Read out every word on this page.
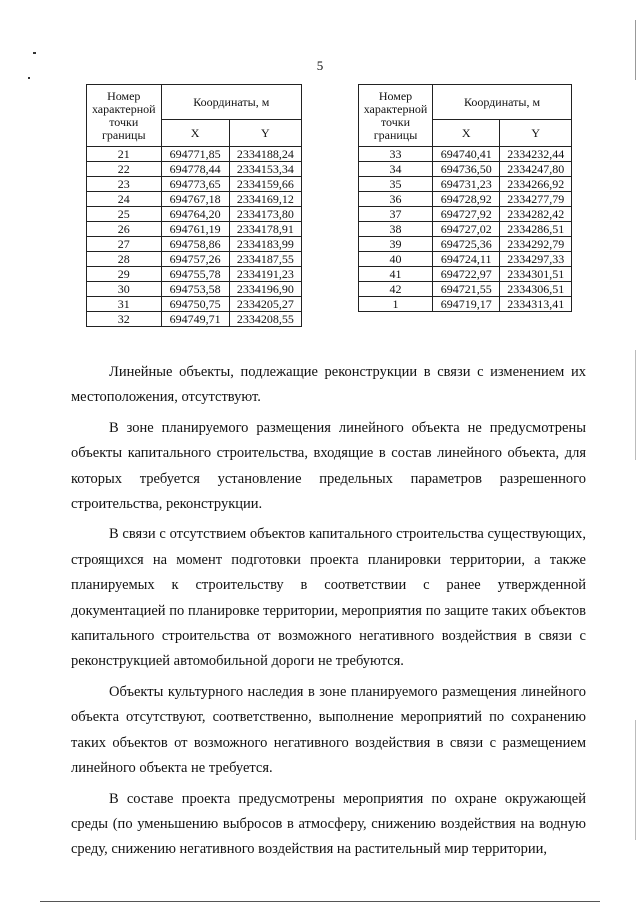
5
Номер характерной точки границы	Координаты, м	
	X	Y
21	694771,85	2334188,24
22	694778,44	2334153,34
23	694773,65	2334159,66
24	694767,18	2334169,12
25	694764,20	2334173,80
26	694761,19	2334178,91
27	694758,86	2334183,99
28	694757,26	2334187,55
29	694755,78	2334191,23
30	694753,58	2334196,90
31	694750,75	2334205,27
32	694749,71	2334208,55
Номер характерной точки границы	Координаты, м	
	X	Y
33	694740,41	2334232,44
34	694736,50	2334247,80
35	694731,23	2334266,92
36	694728,92	2334277,79
37	694727,92	2334282,42
38	694727,02	2334286,51
39	694725,36	2334292,79
40	694724,11	2334297,33
41	694722,97	2334301,51
42	694721,55	2334306,51
1	694719,17	2334313,41

Линейные объекты, подлежащие реконструкции в связи с изменением их местоположения, отсутствуют.

В зоне планируемого размещения линейного объекта не предусмотрены объекты капитального строительства, входящие в состав линейного объекта, для которых требуется установление предельных параметров разрешенного строительства, реконструкции.

В связи с отсутствием объектов капитального строительства существующих, строящихся на момент подготовки проекта планировки территории, а также планируемых к строительству в соответствии с ранее утвержденной документацией по планировке территории, мероприятия по защите таких объектов капитального строительства от возможного негативного воздействия в связи с реконструкцией автомобильной дороги не требуются.

Объекты культурного наследия в зоне планируемого размещения линейного объекта отсутствуют, соответственно, выполнение мероприятий по сохранению таких объектов от возможного негативного воздействия в связи с размещением линейного объекта не требуется.

В составе проекта предусмотрены мероприятия по охране окружающей среды (по уменьшению выбросов в атмосферу, снижению воздействия на водную среду, снижению негативного воздействия на растительный мир территории,
